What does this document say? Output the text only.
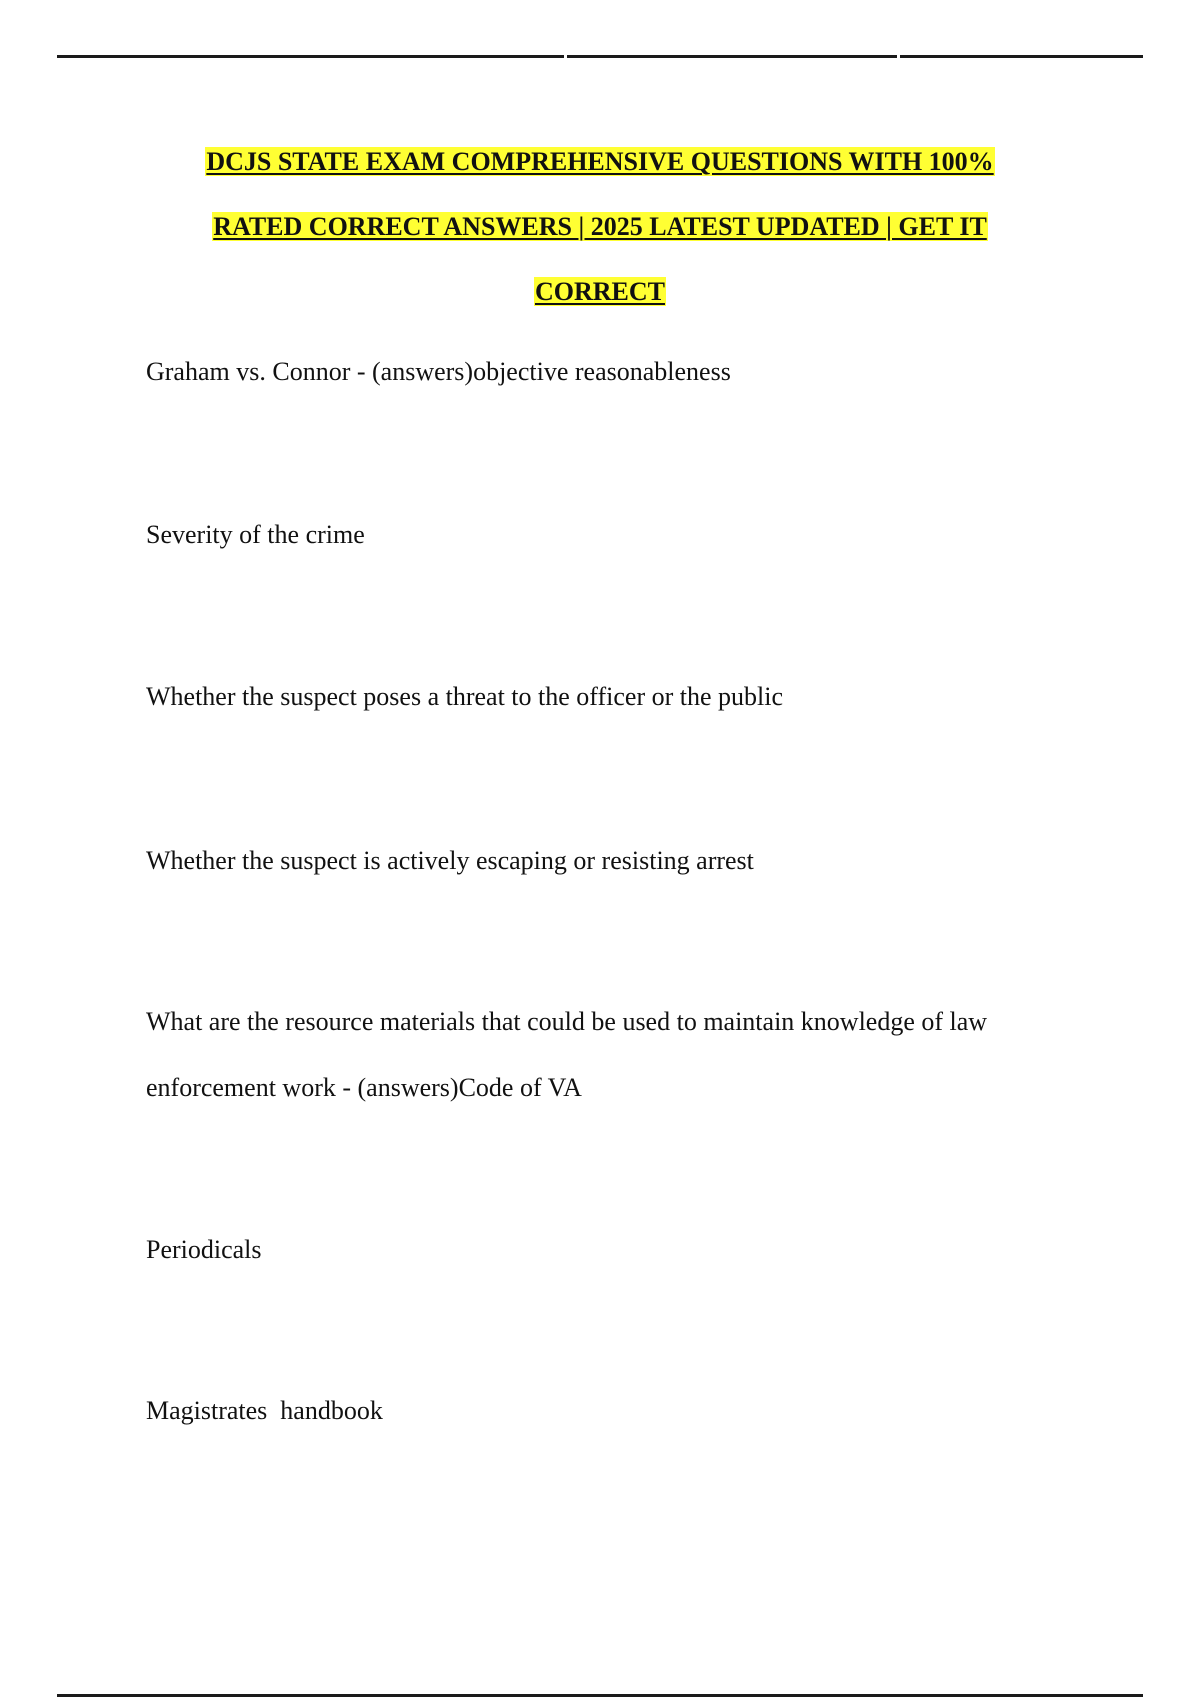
DCJS STATE EXAM COMPREHENSIVE QUESTIONS WITH 100%
RATED CORRECT ANSWERS | 2025 LATEST UPDATED | GET IT
CORRECT
Graham vs. Connor - (answers)objective reasonableness
Severity of the crime
Whether the suspect poses a threat to the officer or the public
Whether the suspect is actively escaping or resisting arrest
What are the resource materials that could be used to maintain knowledge of law
enforcement work - (answers)Code of VA
Periodicals
Magistrates  handbook
